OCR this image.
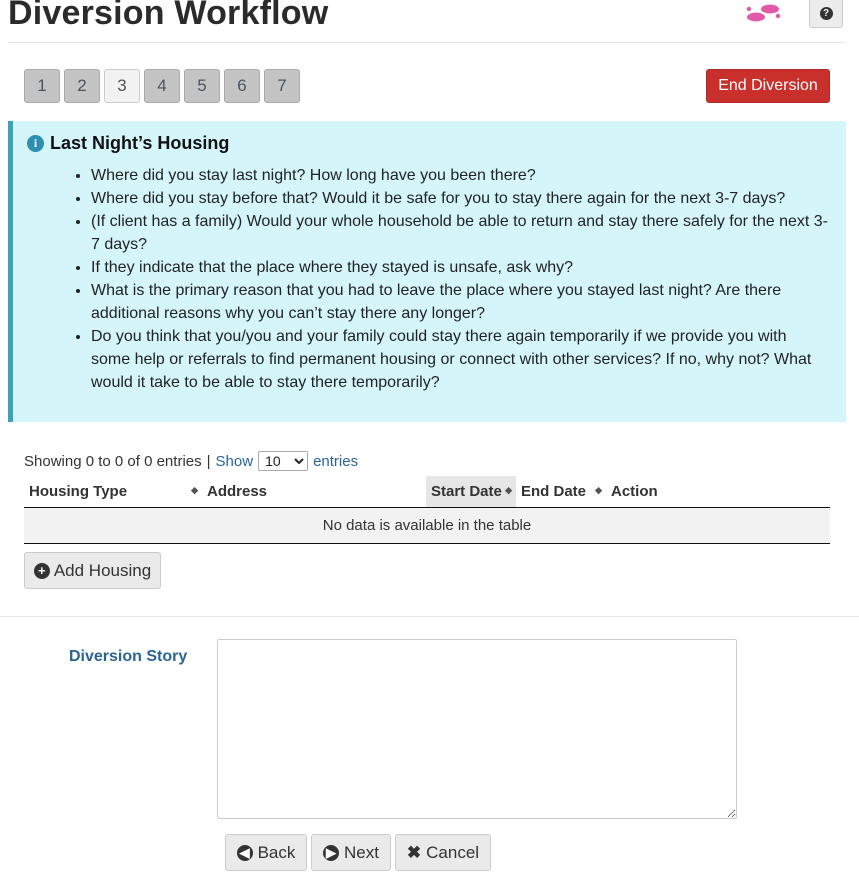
Diversion Workflow	?
1	2	3	4	5	6	7	End Diversion
i Last Night’s Housing
• Where did you stay last night? How long have you been there?
• Where did you stay before that? Would it be safe for you to stay there again for the next 3-7 days?
• (If client has a family) Would your whole household be able to return and stay there safely for the next 3-7 days?
• If they indicate that the place where they stayed is unsafe, ask why?
• What is the primary reason that you had to leave the place where you stayed last night? Are there additional reasons why you can’t stay there any longer?
• Do you think that you/you and your family could stay there again temporarily if we provide you with some help or referrals to find permanent housing or connect with other services? If no, why not? What would it take to be able to stay there temporarily?
Showing 0 to 0 of 0 entries | Show
10	entries
Housing Type	◆	Address	Start Date ◆	End Date ◆	Action
No data is available in the table
+ Add Housing
Diversion Story
◀ Back ▶ Next ✖ Cancel
